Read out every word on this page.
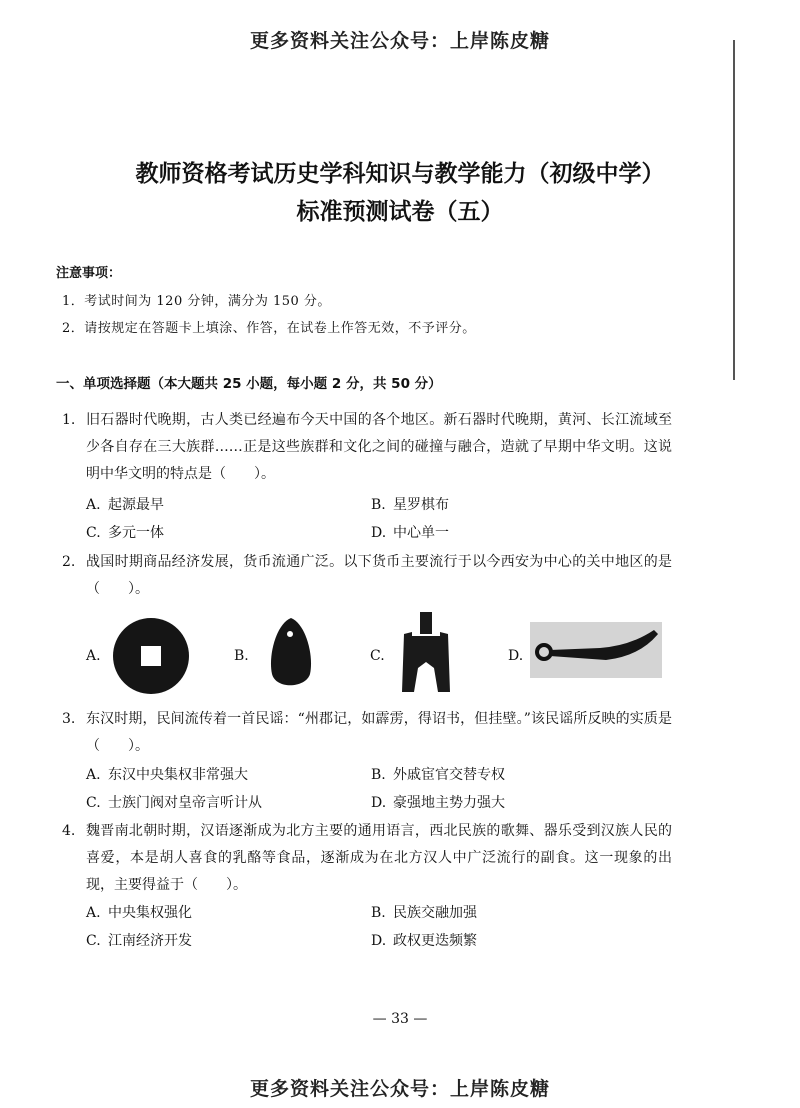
更多资料关注公众号：上岸陈皮糖
教师资格考试历史学科知识与教学能力（初级中学）
标准预测试卷（五）
注意事项：
1．考试时间为 120 分钟，满分为 150 分。
2．请按规定在答题卡上填涂、作答，在试卷上作答无效，不予评分。
一、单项选择题（本大题共 25 小题，每小题 2 分，共 50 分）
1. 旧石器时代晚期，古人类已经遍布今天中国的各个地区。新石器时代晚期，黄河、长江流域至少各自存在三大族群……正是这些族群和文化之间的碰撞与融合，造就了早期中华文明。这说明中华文明的特点是（　　）。
A. 起源最早	B. 星罗棋布
C. 多元一体	D. 中心单一
2. 战国时期商品经济发展，货币流通广泛。以下货币主要流行于以今西安为中心的关中地区的是（　　）。
A.	B.	C.	D.
3. 东汉时期，民间流传着一首民谣：“州郡记，如霹雳，得诏书，但挂壁。”该民谣所反映的实质是（　　）。
A. 东汉中央集权非常强大	B. 外戚宦官交替专权
C. 士族门阀对皇帝言听计从	D. 豪强地主势力强大
4. 魏晋南北朝时期，汉语逐渐成为北方主要的通用语言，西北民族的歌舞、器乐受到汉族人民的喜爱，本是胡人喜食的乳酪等食品，逐渐成为在北方汉人中广泛流行的副食。这一现象的出现，主要得益于（　　）。
A. 中央集权强化	B. 民族交融加强
C. 江南经济开发	D. 政权更迭频繁
— 33 —
更多资料关注公众号：上岸陈皮糖
